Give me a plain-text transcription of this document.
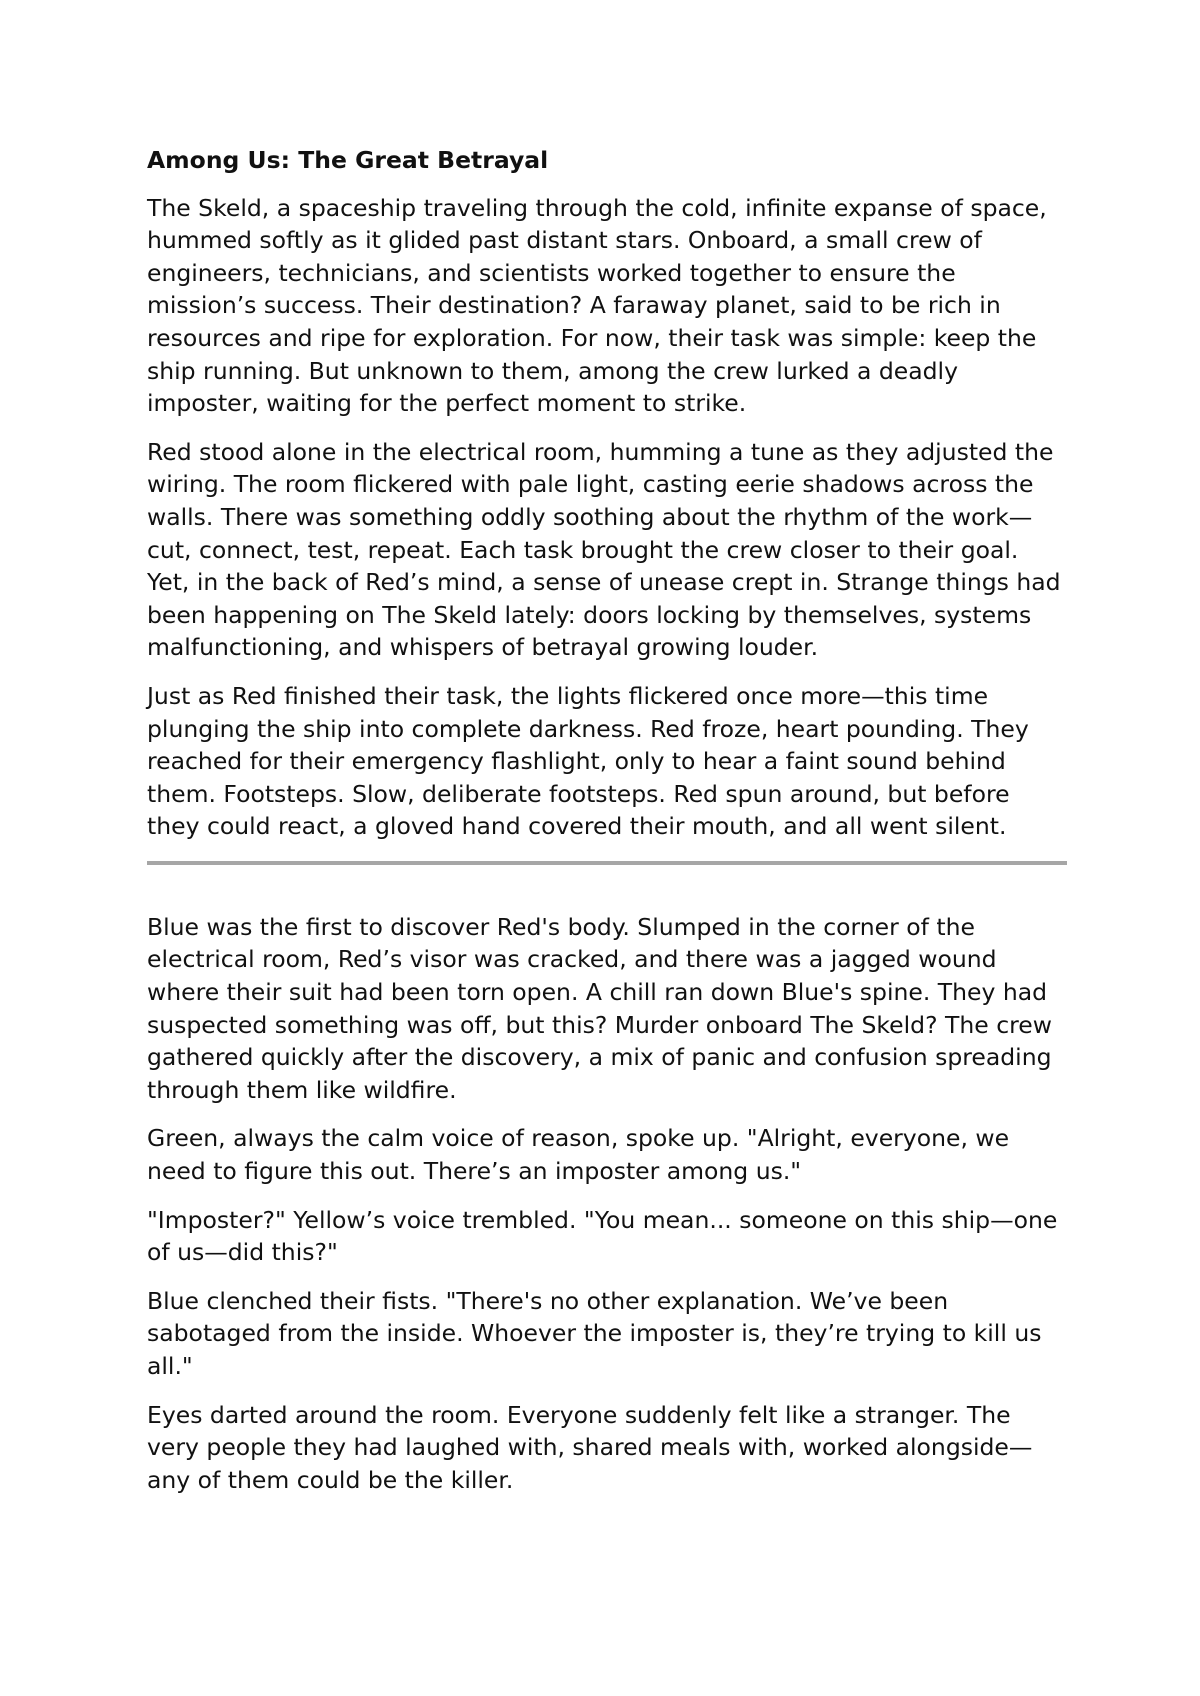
Among Us: The Great Betrayal

The Skeld, a spaceship traveling through the cold, infinite expanse of space, hummed softly as it glided past distant stars. Onboard, a small crew of engineers, technicians, and scientists worked together to ensure the mission’s success. Their destination? A faraway planet, said to be rich in resources and ripe for exploration. For now, their task was simple: keep the ship running. But unknown to them, among the crew lurked a deadly imposter, waiting for the perfect moment to strike.

Red stood alone in the electrical room, humming a tune as they adjusted the wiring. The room flickered with pale light, casting eerie shadows across the walls. There was something oddly soothing about the rhythm of the work—cut, connect, test, repeat. Each task brought the crew closer to their goal. Yet, in the back of Red’s mind, a sense of unease crept in. Strange things had been happening on The Skeld lately: doors locking by themselves, systems malfunctioning, and whispers of betrayal growing louder.

Just as Red finished their task, the lights flickered once more—this time plunging the ship into complete darkness. Red froze, heart pounding. They reached for their emergency flashlight, only to hear a faint sound behind them. Footsteps. Slow, deliberate footsteps. Red spun around, but before they could react, a gloved hand covered their mouth, and all went silent.

Blue was the first to discover Red's body. Slumped in the corner of the electrical room, Red’s visor was cracked, and there was a jagged wound where their suit had been torn open. A chill ran down Blue's spine. They had suspected something was off, but this? Murder onboard The Skeld? The crew gathered quickly after the discovery, a mix of panic and confusion spreading through them like wildfire.

Green, always the calm voice of reason, spoke up. "Alright, everyone, we need to figure this out. There’s an imposter among us."

"Imposter?" Yellow’s voice trembled. "You mean... someone on this ship—one of us—did this?"

Blue clenched their fists. "There's no other explanation. We’ve been sabotaged from the inside. Whoever the imposter is, they’re trying to kill us all."

Eyes darted around the room. Everyone suddenly felt like a stranger. The very people they had laughed with, shared meals with, worked alongside—any of them could be the killer.
